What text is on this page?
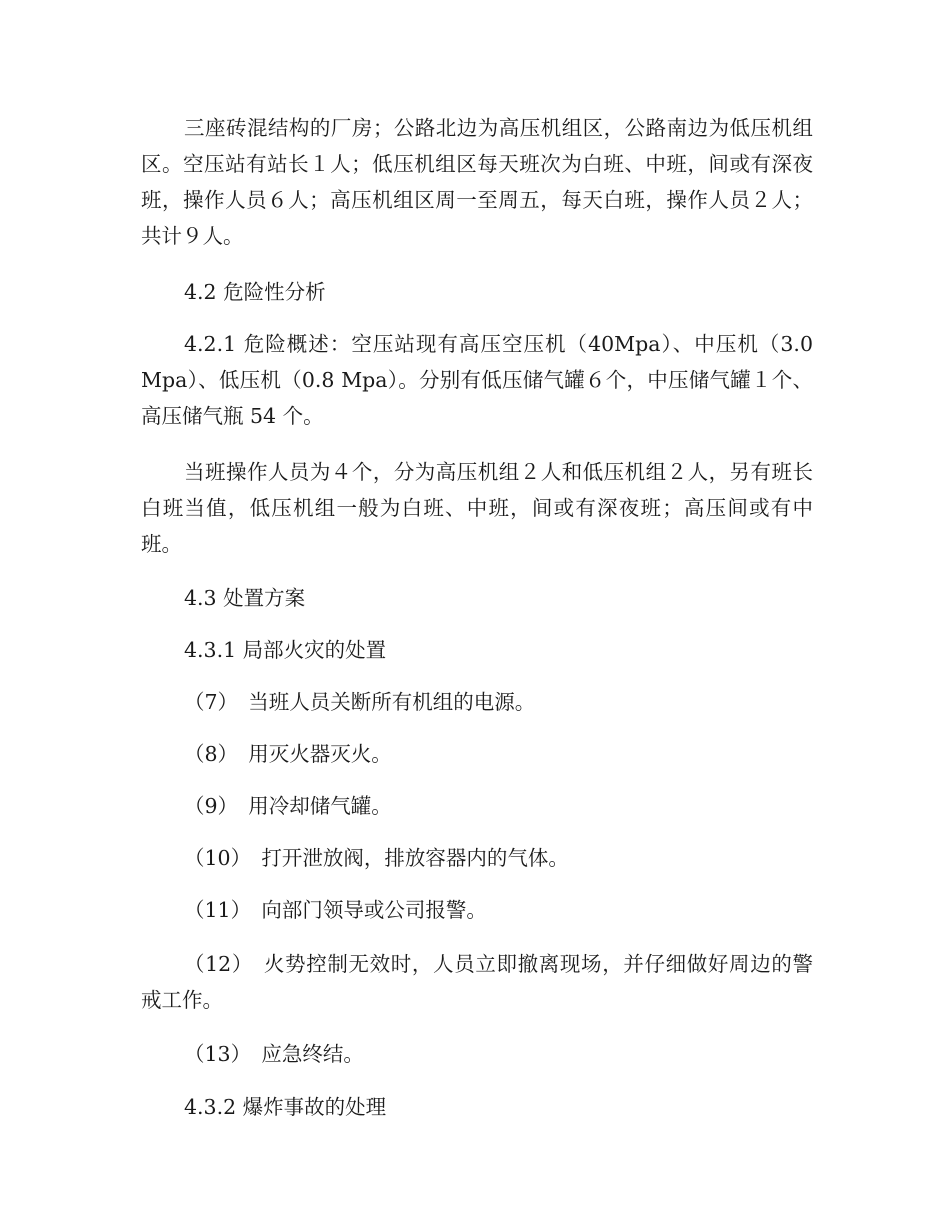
三座砖混结构的厂房；公路北边为高压机组区，公路南边为低压机组区。空压站有站长１人；低压机组区每天班次为白班、中班，间或有深夜班，操作人员６人；高压机组区周一至周五，每天白班，操作人员２人；共计９人。

4.2 危险性分析

4.2.1 危险概述：空压站现有高压空压机（40Mpa）、中压机（3.0 Mpa）、低压机（0.8 Mpa）。分别有低压储气罐６个，中压储气罐１个、高压储气瓶 54 个。

当班操作人员为４个，分为高压机组２人和低压机组２人，另有班长白班当值，低压机组一般为白班、中班，间或有深夜班；高压间或有中班。

4.3 处置方案

4.3.1 局部火灾的处置

（7）　当班人员关断所有机组的电源。

（8）　用灭火器灭火。

（9）　用冷却储气罐。

（10）　打开泄放阀，排放容器内的气体。

（11）　向部门领导或公司报警。

（12）　火势控制无效时，人员立即撤离现场，并仔细做好周边的警戒工作。

（13）　应急终结。

4.3.2 爆炸事故的处理
